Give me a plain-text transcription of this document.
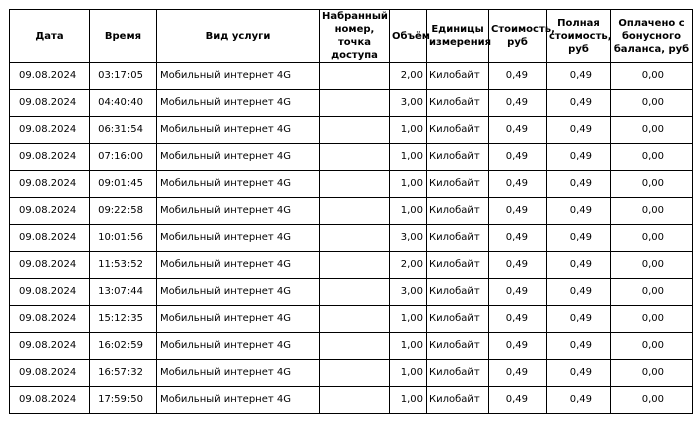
Дата	Время	Вид услуги	Набранный номер, точка доступа	Объём	Единицы измерения	Стоимость, руб	Полная стоимость, руб	Оплачено с бонусного баланса, руб
09.08.2024	03:17:05	Мобильный интернет 4G		2,00	Килобайт	0,49	0,49	0,00
09.08.2024	04:40:40	Мобильный интернет 4G		3,00	Килобайт	0,49	0,49	0,00
09.08.2024	06:31:54	Мобильный интернет 4G		1,00	Килобайт	0,49	0,49	0,00
09.08.2024	07:16:00	Мобильный интернет 4G		1,00	Килобайт	0,49	0,49	0,00
09.08.2024	09:01:45	Мобильный интернет 4G		1,00	Килобайт	0,49	0,49	0,00
09.08.2024	09:22:58	Мобильный интернет 4G		1,00	Килобайт	0,49	0,49	0,00
09.08.2024	10:01:56	Мобильный интернет 4G		3,00	Килобайт	0,49	0,49	0,00
09.08.2024	11:53:52	Мобильный интернет 4G		2,00	Килобайт	0,49	0,49	0,00
09.08.2024	13:07:44	Мобильный интернет 4G		3,00	Килобайт	0,49	0,49	0,00
09.08.2024	15:12:35	Мобильный интернет 4G		1,00	Килобайт	0,49	0,49	0,00
09.08.2024	16:02:59	Мобильный интернет 4G		1,00	Килобайт	0,49	0,49	0,00
09.08.2024	16:57:32	Мобильный интернет 4G		1,00	Килобайт	0,49	0,49	0,00
09.08.2024	17:59:50	Мобильный интернет 4G		1,00	Килобайт	0,49	0,49	0,00
